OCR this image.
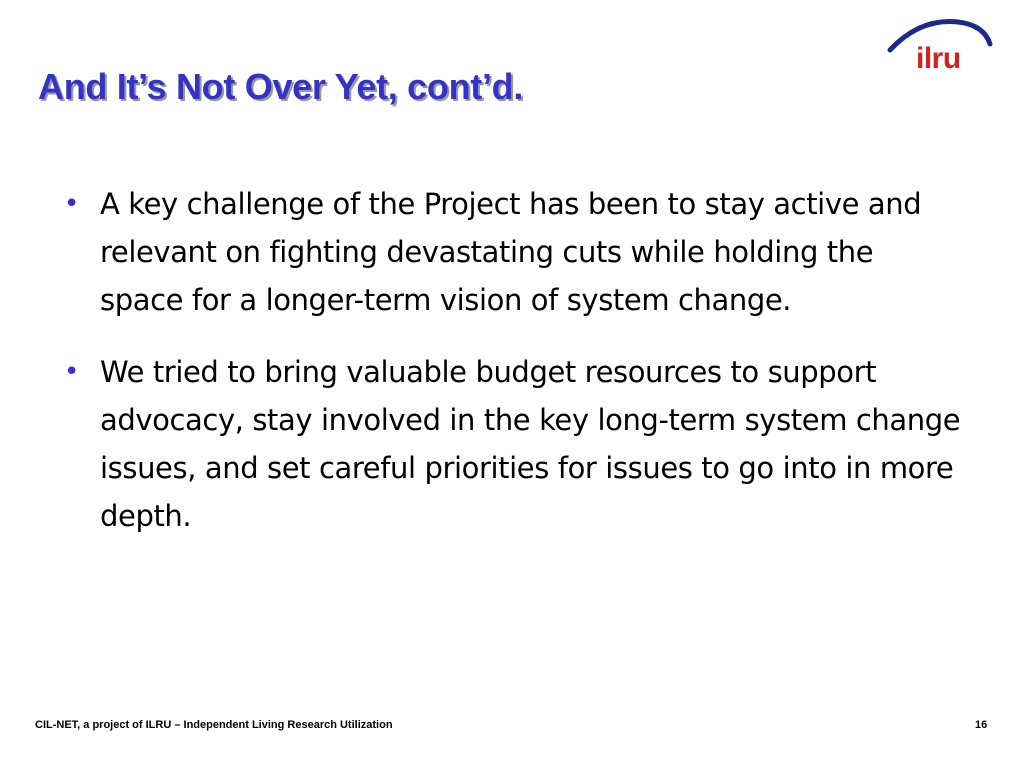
And It’s Not Over Yet, cont’d.
ilru
• A key challenge of the Project has been to stay active and relevant on fighting devastating cuts while holding the space for a longer-term vision of system change.
• We tried to bring valuable budget resources to support advocacy, stay involved in the key long-term system change issues, and set careful priorities for issues to go into in more depth.
CIL-NET, a project of ILRU – Independent Living Research Utilization	16
